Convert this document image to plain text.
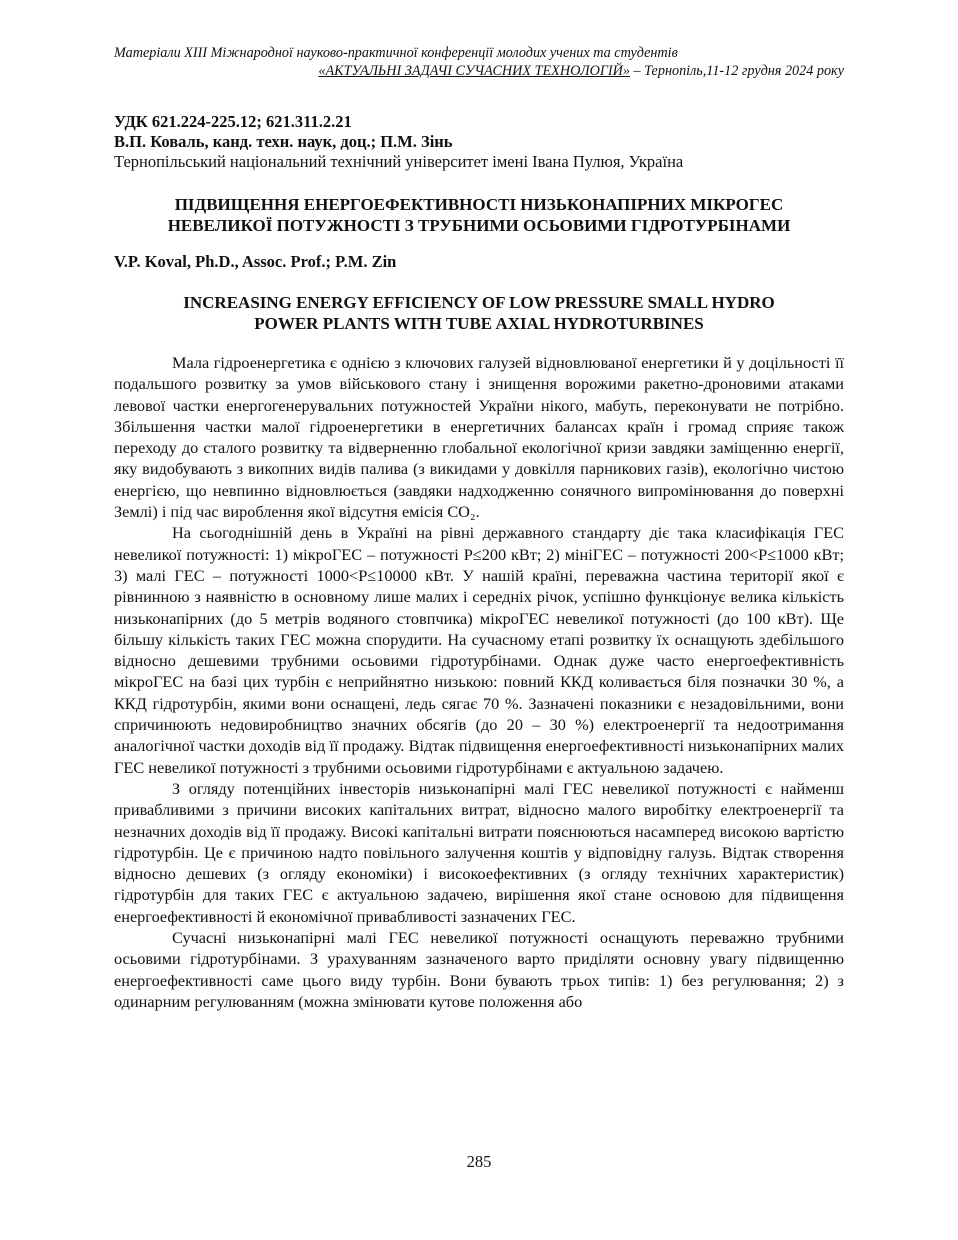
Матеріали XIII Міжнародної науково-практичної конференції молодих учених та студентів
«АКТУАЛЬНІ ЗАДАЧІ СУЧАСНИХ ТЕХНОЛОГІЙ» – Тернопіль,11-12 грудня 2024 року
УДК 621.224-225.12; 621.311.2.21
В.П. Коваль, канд. техн. наук, доц.; П.М. Зінь
Тернопільський національний технічний університет імені Івана Пулюя, Україна
ПІДВИЩЕННЯ ЕНЕРГОЕФЕКТИВНОСТІ НИЗЬКОНАПІРНИХ МІКРОГЕС
НЕВЕЛИКОЇ ПОТУЖНОСТІ З ТРУБНИМИ ОСЬОВИМИ ГІДРОТУРБІНАМИ
V.P. Koval, Ph.D., Assoc. Prof.; P.M. Zin
INCREASING ENERGY EFFICIENCY OF LOW PRESSURE SMALL HYDRO
POWER PLANTS WITH TUBE AXIAL HYDROTURBINES

Мала гідроенергетика є однією з ключових галузей відновлюваної енергетики й у доцільності її подальшого розвитку за умов військового стану і знищення ворожими ракетно-дроновими атаками левової частки енергогенерувальних потужностей України нікого, мабуть, переконувати не потрібно. Збільшення частки малої гідроенергетики в енергетичних балансах країн і громад сприяє також переходу до сталого розвитку та відверненню глобальної екологічної кризи завдяки заміщенню енергії, яку видобувають з викопних видів палива (з викидами у довкілля парникових газів), екологічно чистою енергією, що невпинно відновлюється (завдяки надходженню сонячного випромінювання до поверхні Землі) і під час вироблення якої відсутня емісія CO₂.

На сьогоднішній день в Україні на рівні державного стандарту діє така класифікація ГЕС невеликої потужності: 1) мікроГЕС – потужності P≤200 кВт; 2) мініГЕС – потужності 200<P≤1000 кВт; 3) малі ГЕС – потужності 1000<P≤10000 кВт. У нашій країні, переважна частина території якої є рівнинною з наявністю в основному лише малих і середніх річок, успішно функціонує велика кількість низьконапірних (до 5 метрів водяного стовпчика) мікроГЕС невеликої потужності (до 100 кВт). Ще більшу кількість таких ГЕС можна спорудити. На сучасному етапі розвитку їх оснащують здебільшого відносно дешевими трубними осьовими гідротурбінами. Однак дуже часто енергоефективність мікроГЕС на базі цих турбін є неприйнятно низькою: повний ККД коливається біля позначки 30 %, а ККД гідротурбін, якими вони оснащені, ледь сягає 70 %. Зазначені показники є незадовільними, вони спричинюють недовиробництво значних обсягів (до 20 – 30 %) електроенергії та недоотримання аналогічної частки доходів від її продажу. Відтак підвищення енергоефективності низьконапірних малих ГЕС невеликої потужності з трубними осьовими гідротурбінами є актуальною задачею.

З огляду потенційних інвесторів низьконапірні малі ГЕС невеликої потужності є найменш привабливими з причини високих капітальних витрат, відносно малого виробітку електроенергії та незначних доходів від її продажу. Високі капітальні витрати пояснюються насамперед високою вартістю гідротурбін. Це є причиною надто повільного залучення коштів у відповідну галузь. Відтак створення відносно дешевих (з огляду економіки) і високоефективних (з огляду технічних характеристик) гідротурбін для таких ГЕС є актуальною задачею, вирішення якої стане основою для підвищення енергоефективності й економічної привабливості зазначених ГЕС.

Сучасні низьконапірні малі ГЕС невеликої потужності оснащують переважно трубними осьовими гідротурбінами. З урахуванням зазначеного варто приділяти основну увагу підвищенню енергоефективності саме цього виду турбін. Вони бувають трьох типів: 1) без регулювання; 2) з одинарним регулюванням (можна змінювати кутове положення або

285
